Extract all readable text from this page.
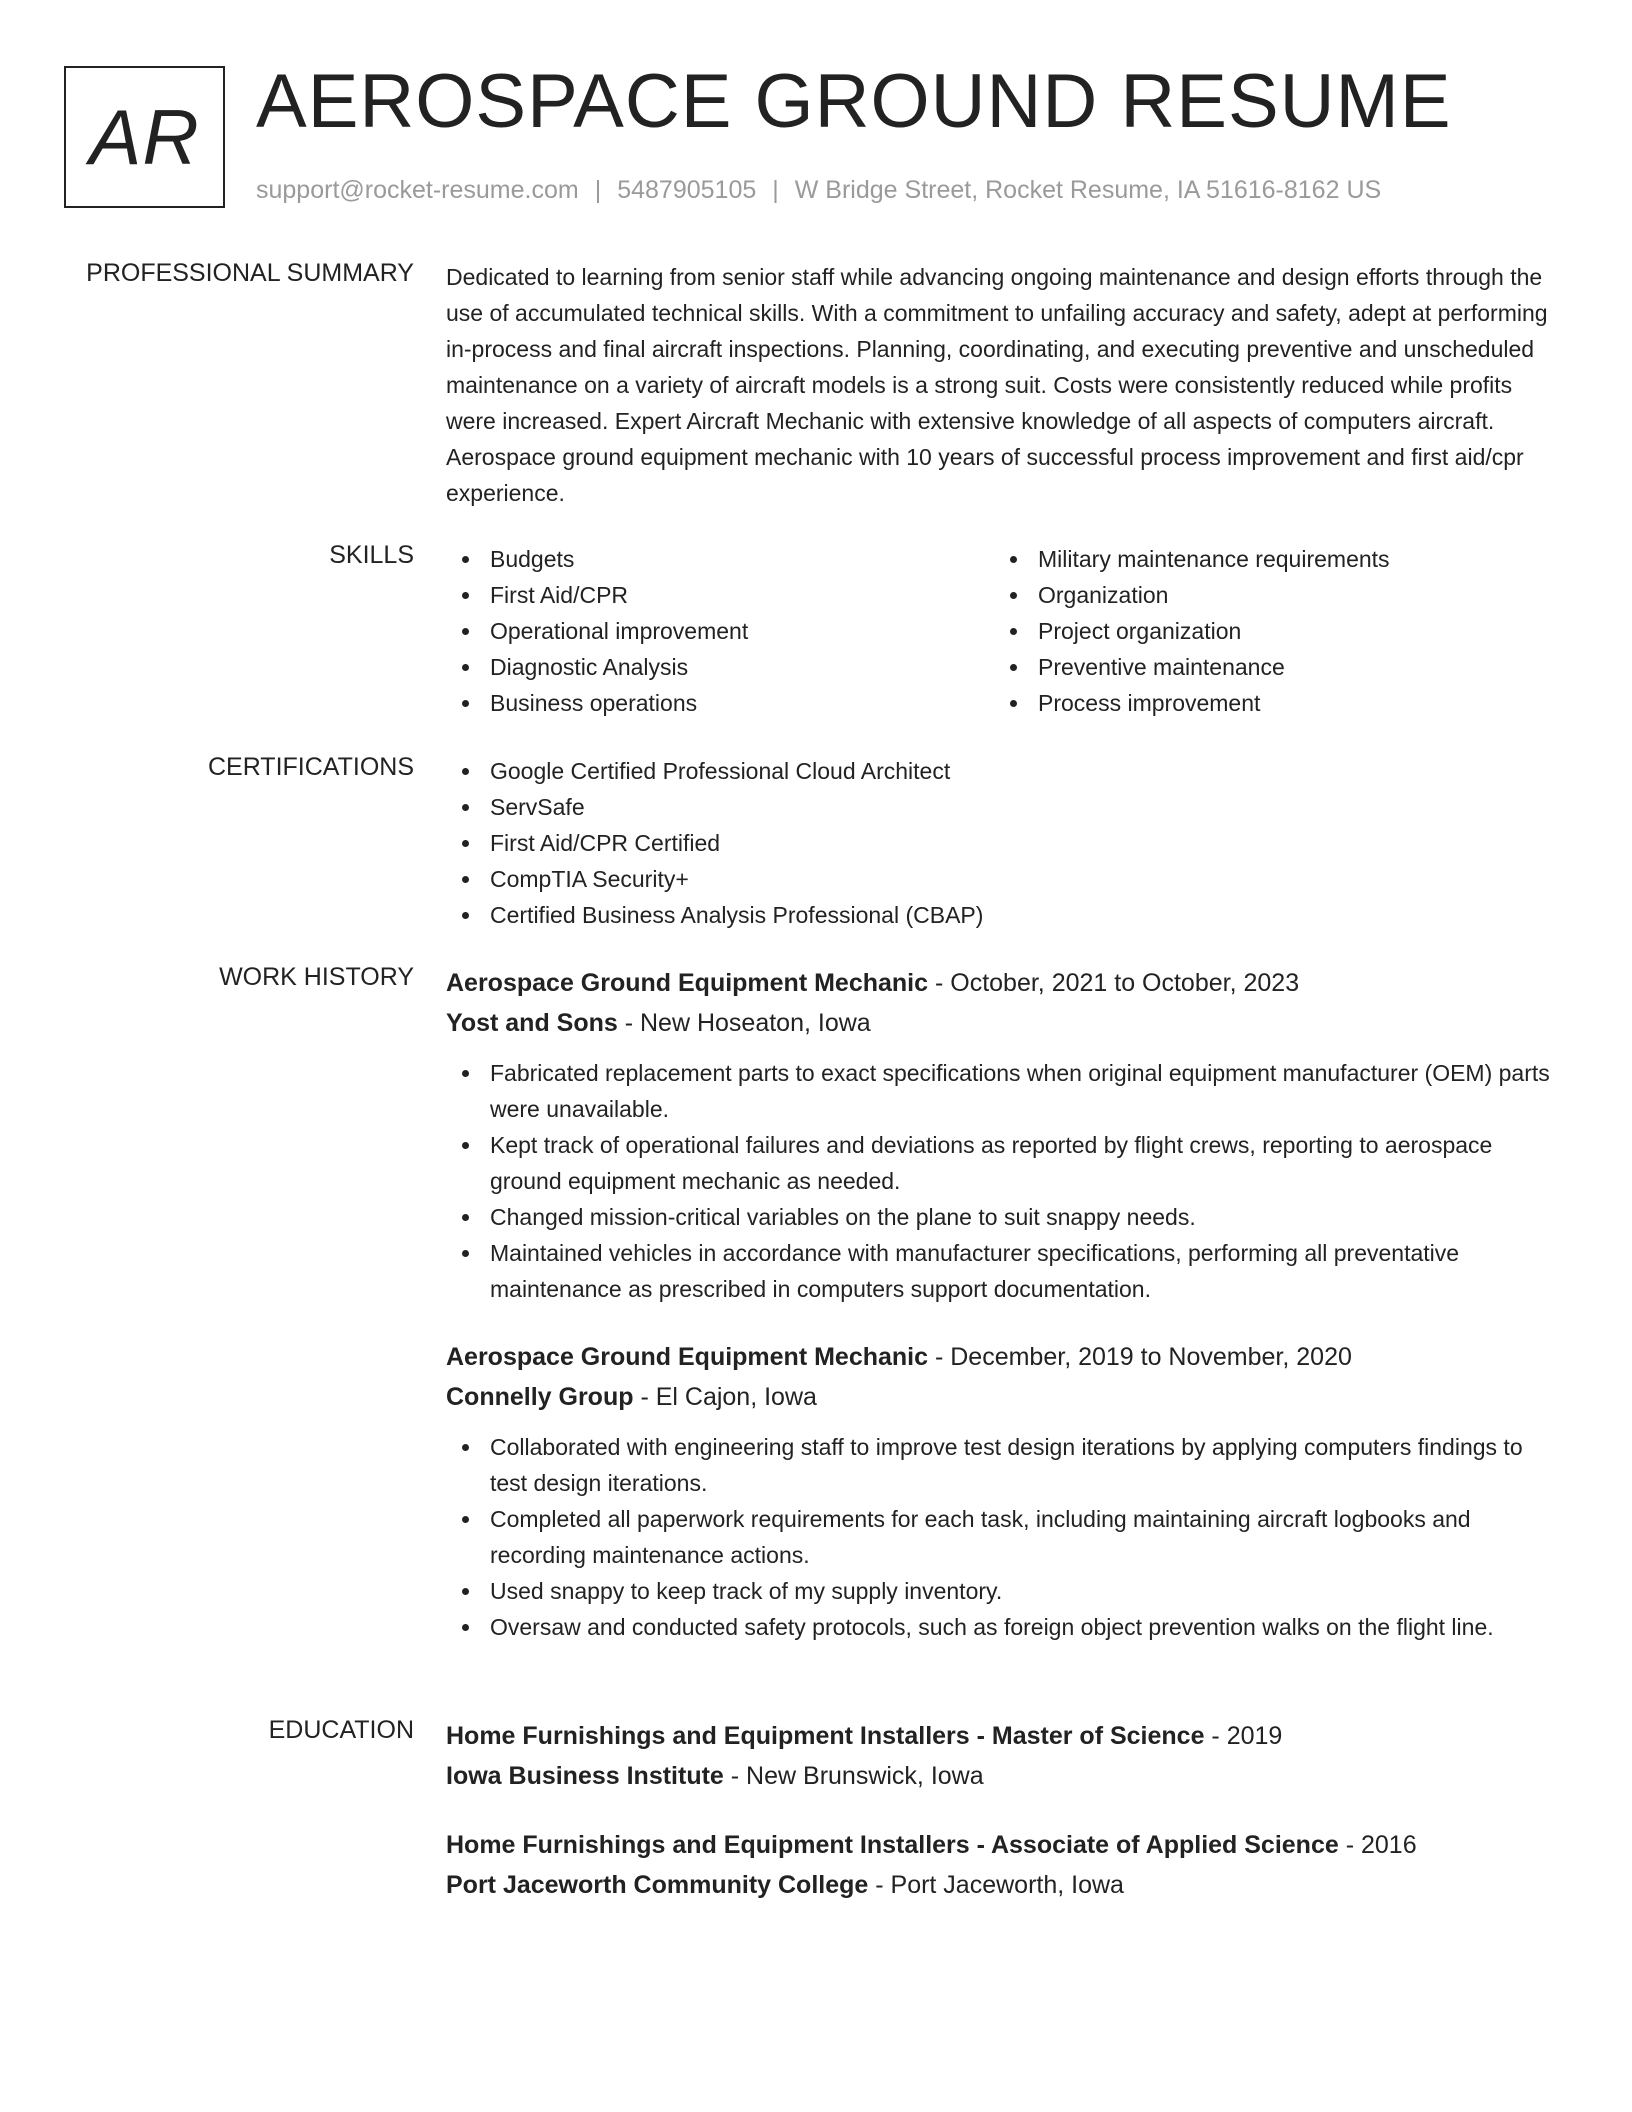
AR AEROSPACE GROUND RESUME
support@rocket-resume.com | 5487905105 | W Bridge Street, Rocket Resume, IA 51616-8162 US
PROFESSIONAL SUMMARY Dedicated to learning from senior staff while advancing ongoing maintenance and design efforts through the use of accumulated technical skills. With a commitment to unfailing accuracy and safety, adept at performing in-process and final aircraft inspections. Planning, coordinating, and executing preventive and unscheduled maintenance on a variety of aircraft models is a strong suit. Costs were consistently reduced while profits were increased. Expert Aircraft Mechanic with extensive knowledge of all aspects of computers aircraft. Aerospace ground equipment mechanic with 10 years of successful process improvement and first aid/cpr experience.
SKILLS	Budgets
First Aid/CPR
Operational improvement
Diagnostic Analysis
Business operations
Military maintenance requirements
Organization
Project organization
Preventive maintenance
Process improvement
CERTIFICATIONS	Google Certified Professional Cloud Architect
ServSafe
First Aid/CPR Certified
CompTIA Security+
Certified Business Analysis Professional (CBAP)
WORK HISTORY Aerospace Ground Equipment Mechanic - October, 2021 to October, 2023
Yost and Sons - New Hoseaton, Iowa
Fabricated replacement parts to exact specifications when original equipment manufacturer (OEM) parts were unavailable.
Kept track of operational failures and deviations as reported by flight crews, reporting to aerospace ground equipment mechanic as needed.
Changed mission-critical variables on the plane to suit snappy needs.
Maintained vehicles in accordance with manufacturer specifications, performing all preventative maintenance as prescribed in computers support documentation.
Aerospace Ground Equipment Mechanic - December, 2019 to November, 2020
Connelly Group - El Cajon, Iowa
Collaborated with engineering staff to improve test design iterations by applying computers findings to test design iterations.
Completed all paperwork requirements for each task, including maintaining aircraft logbooks and recording maintenance actions.
Used snappy to keep track of my supply inventory.
Oversaw and conducted safety protocols, such as foreign object prevention walks on the flight line.
EDUCATION Home Furnishings and Equipment Installers - Master of Science - 2019
Iowa Business Institute - New Brunswick, Iowa
Home Furnishings and Equipment Installers - Associate of Applied Science - 2016
Port Jaceworth Community College - Port Jaceworth, Iowa
